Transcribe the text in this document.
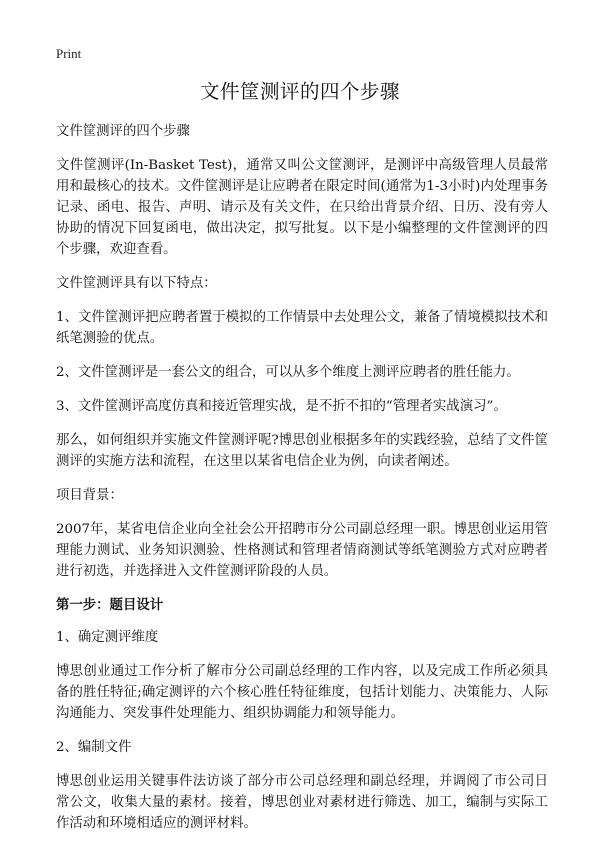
Print
文件筐测评的四个步骤

文件筐测评的四个步骤

文件筐测评(In-Basket Test)，通常又叫公文筐测评，是测评中高级管理人员最常用和最核心的技术。文件筐测评是让应聘者在限定时间(通常为1-3小时)内处理事务记录、函电、报告、声明、请示及有关文件，在只给出背景介绍、日历、没有旁人协助的情况下回复函电，做出决定，拟写批复。以下是小编整理的文件筐测评的四个步骤，欢迎查看。

文件筐测评具有以下特点：

1、文件筐测评把应聘者置于模拟的工作情景中去处理公文，兼备了情境模拟技术和纸笔测验的优点。

2、文件筐测评是一套公文的组合，可以从多个维度上测评应聘者的胜任能力。

3、文件筐测评高度仿真和接近管理实战，是不折不扣的“管理者实战演习”。

那么，如何组织并实施文件筐测评呢?博思创业根据多年的实践经验，总结了文件筐测评的实施方法和流程，在这里以某省电信企业为例，向读者阐述。

项目背景：

2007年，某省电信企业向全社会公开招聘市分公司副总经理一职。博思创业运用管理能力测试、业务知识测验、性格测试和管理者情商测试等纸笔测验方式对应聘者进行初选，并选择进入文件筐测评阶段的人员。

第一步：题目设计

1、确定测评维度

博思创业通过工作分析了解市分公司副总经理的工作内容，以及完成工作所必须具备的胜任特征;确定测评的六个核心胜任特征维度，包括计划能力、决策能力、人际沟通能力、突发事件处理能力、组织协调能力和领导能力。

2、编制文件

博思创业运用关键事件法访谈了部分市公司总经理和副总经理，并调阅了市公司日常公文，收集大量的素材。接着，博思创业对素材进行筛选、加工，编制与实际工作活动和环境相适应的测评材料。
